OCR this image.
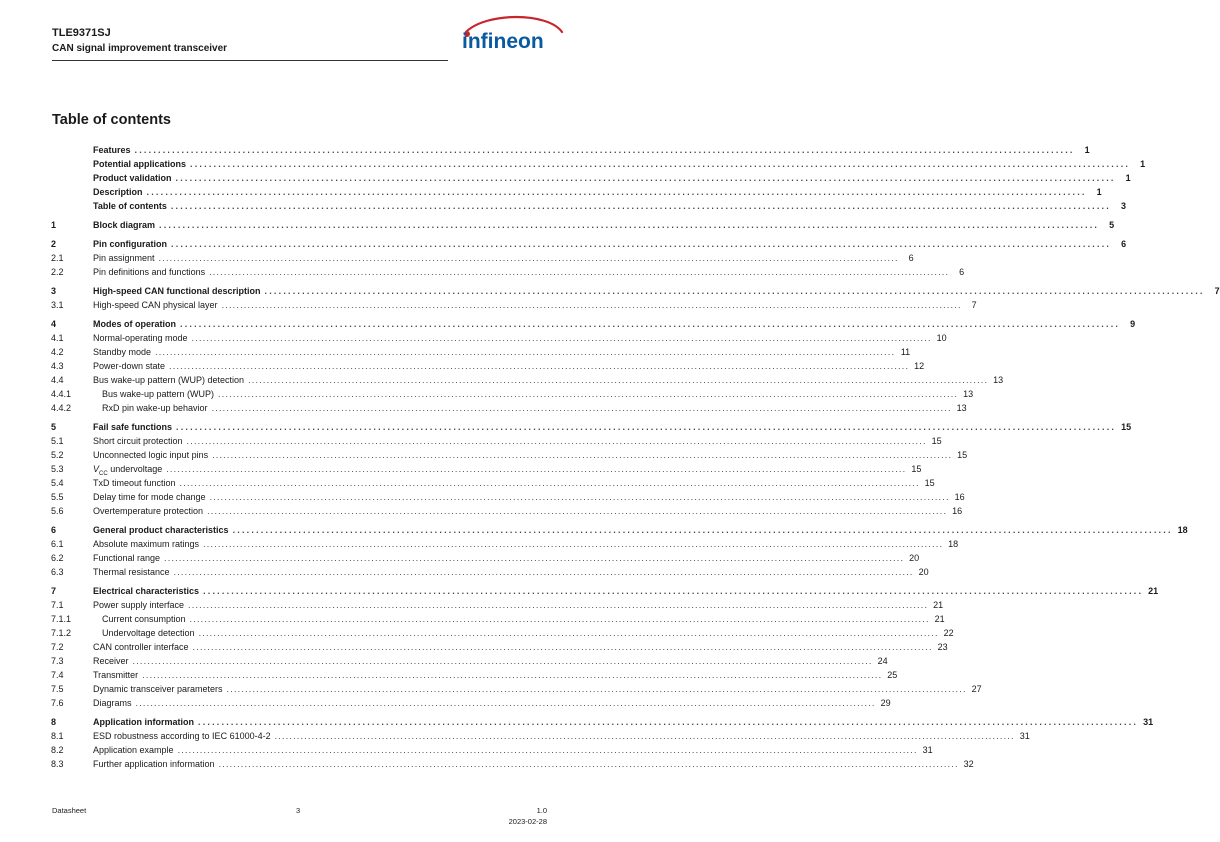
TLE9371SJ
CAN signal improvement transceiver	infineon
Table of contents
Features ........................................................................................................................................................................................................	1
Potential applications ........................................................................................................................................................................................................	1
Product validation ........................................................................................................................................................................................................	1
Description ........................................................................................................................................................................................................	1
Table of contents ........................................................................................................................................................................................................	3
1	Block diagram ........................................................................................................................................................................................................	5
2	Pin configuration ........................................................................................................................................................................................................	6
2.1	Pin assignment ........................................................................................................................................................................................................	6
2.2	Pin definitions and functions ........................................................................................................................................................................................................	6
3	High-speed CAN functional description ........................................................................................................................................................................................................	7
3.1	High-speed CAN physical layer ........................................................................................................................................................................................................	7
4	Modes of operation ........................................................................................................................................................................................................	9
4.1	Normal-operating mode ........................................................................................................................................................................................................ 10
4.2	Standby mode ........................................................................................................................................................................................................ 11
4.3	Power-down state ........................................................................................................................................................................................................ 12
4.4	Bus wake-up pattern (WUP) detection ........................................................................................................................................................................................................ 13
4.4.1	Bus wake-up pattern (WUP) ........................................................................................................................................................................................................ 13
4.4.2	RxD pin wake-up behavior ........................................................................................................................................................................................................ 13
5	Fail safe functions ........................................................................................................................................................................................................ 15
5.1	Short circuit protection ........................................................................................................................................................................................................ 15
5.2	Unconnected logic input pins ........................................................................................................................................................................................................ 15
5.3	$V_{CC}$ undervoltage ........................................................................................................................................................................................................ 15
5.4	TxD timeout function ........................................................................................................................................................................................................ 15
5.5	Delay time for mode change ........................................................................................................................................................................................................ 16
5.6	Overtemperature protection ........................................................................................................................................................................................................ 16
6	General product characteristics ........................................................................................................................................................................................................ 18
6.1	Absolute maximum ratings ........................................................................................................................................................................................................ 18
6.2	Functional range ........................................................................................................................................................................................................ 20
6.3	Thermal resistance ........................................................................................................................................................................................................ 20
7	Electrical characteristics ........................................................................................................................................................................................................ 21
7.1	Power supply interface ........................................................................................................................................................................................................ 21
7.1.1	Current consumption ........................................................................................................................................................................................................ 21
7.1.2	Undervoltage detection ........................................................................................................................................................................................................ 22
7.2	CAN controller interface ........................................................................................................................................................................................................ 23
7.3	Receiver ........................................................................................................................................................................................................ 24
7.4	Transmitter ........................................................................................................................................................................................................ 25
7.5	Dynamic transceiver parameters ........................................................................................................................................................................................................ 27
7.6	Diagrams ........................................................................................................................................................................................................ 29
8	Application information ........................................................................................................................................................................................................ 31
8.1	ESD robustness according to IEC 61000-4-2 ........................................................................................................................................................................................................ 31
8.2	Application example ........................................................................................................................................................................................................ 31
8.3	Further application information ........................................................................................................................................................................................................ 32
Datasheet	3	1.0
2023-02-28
